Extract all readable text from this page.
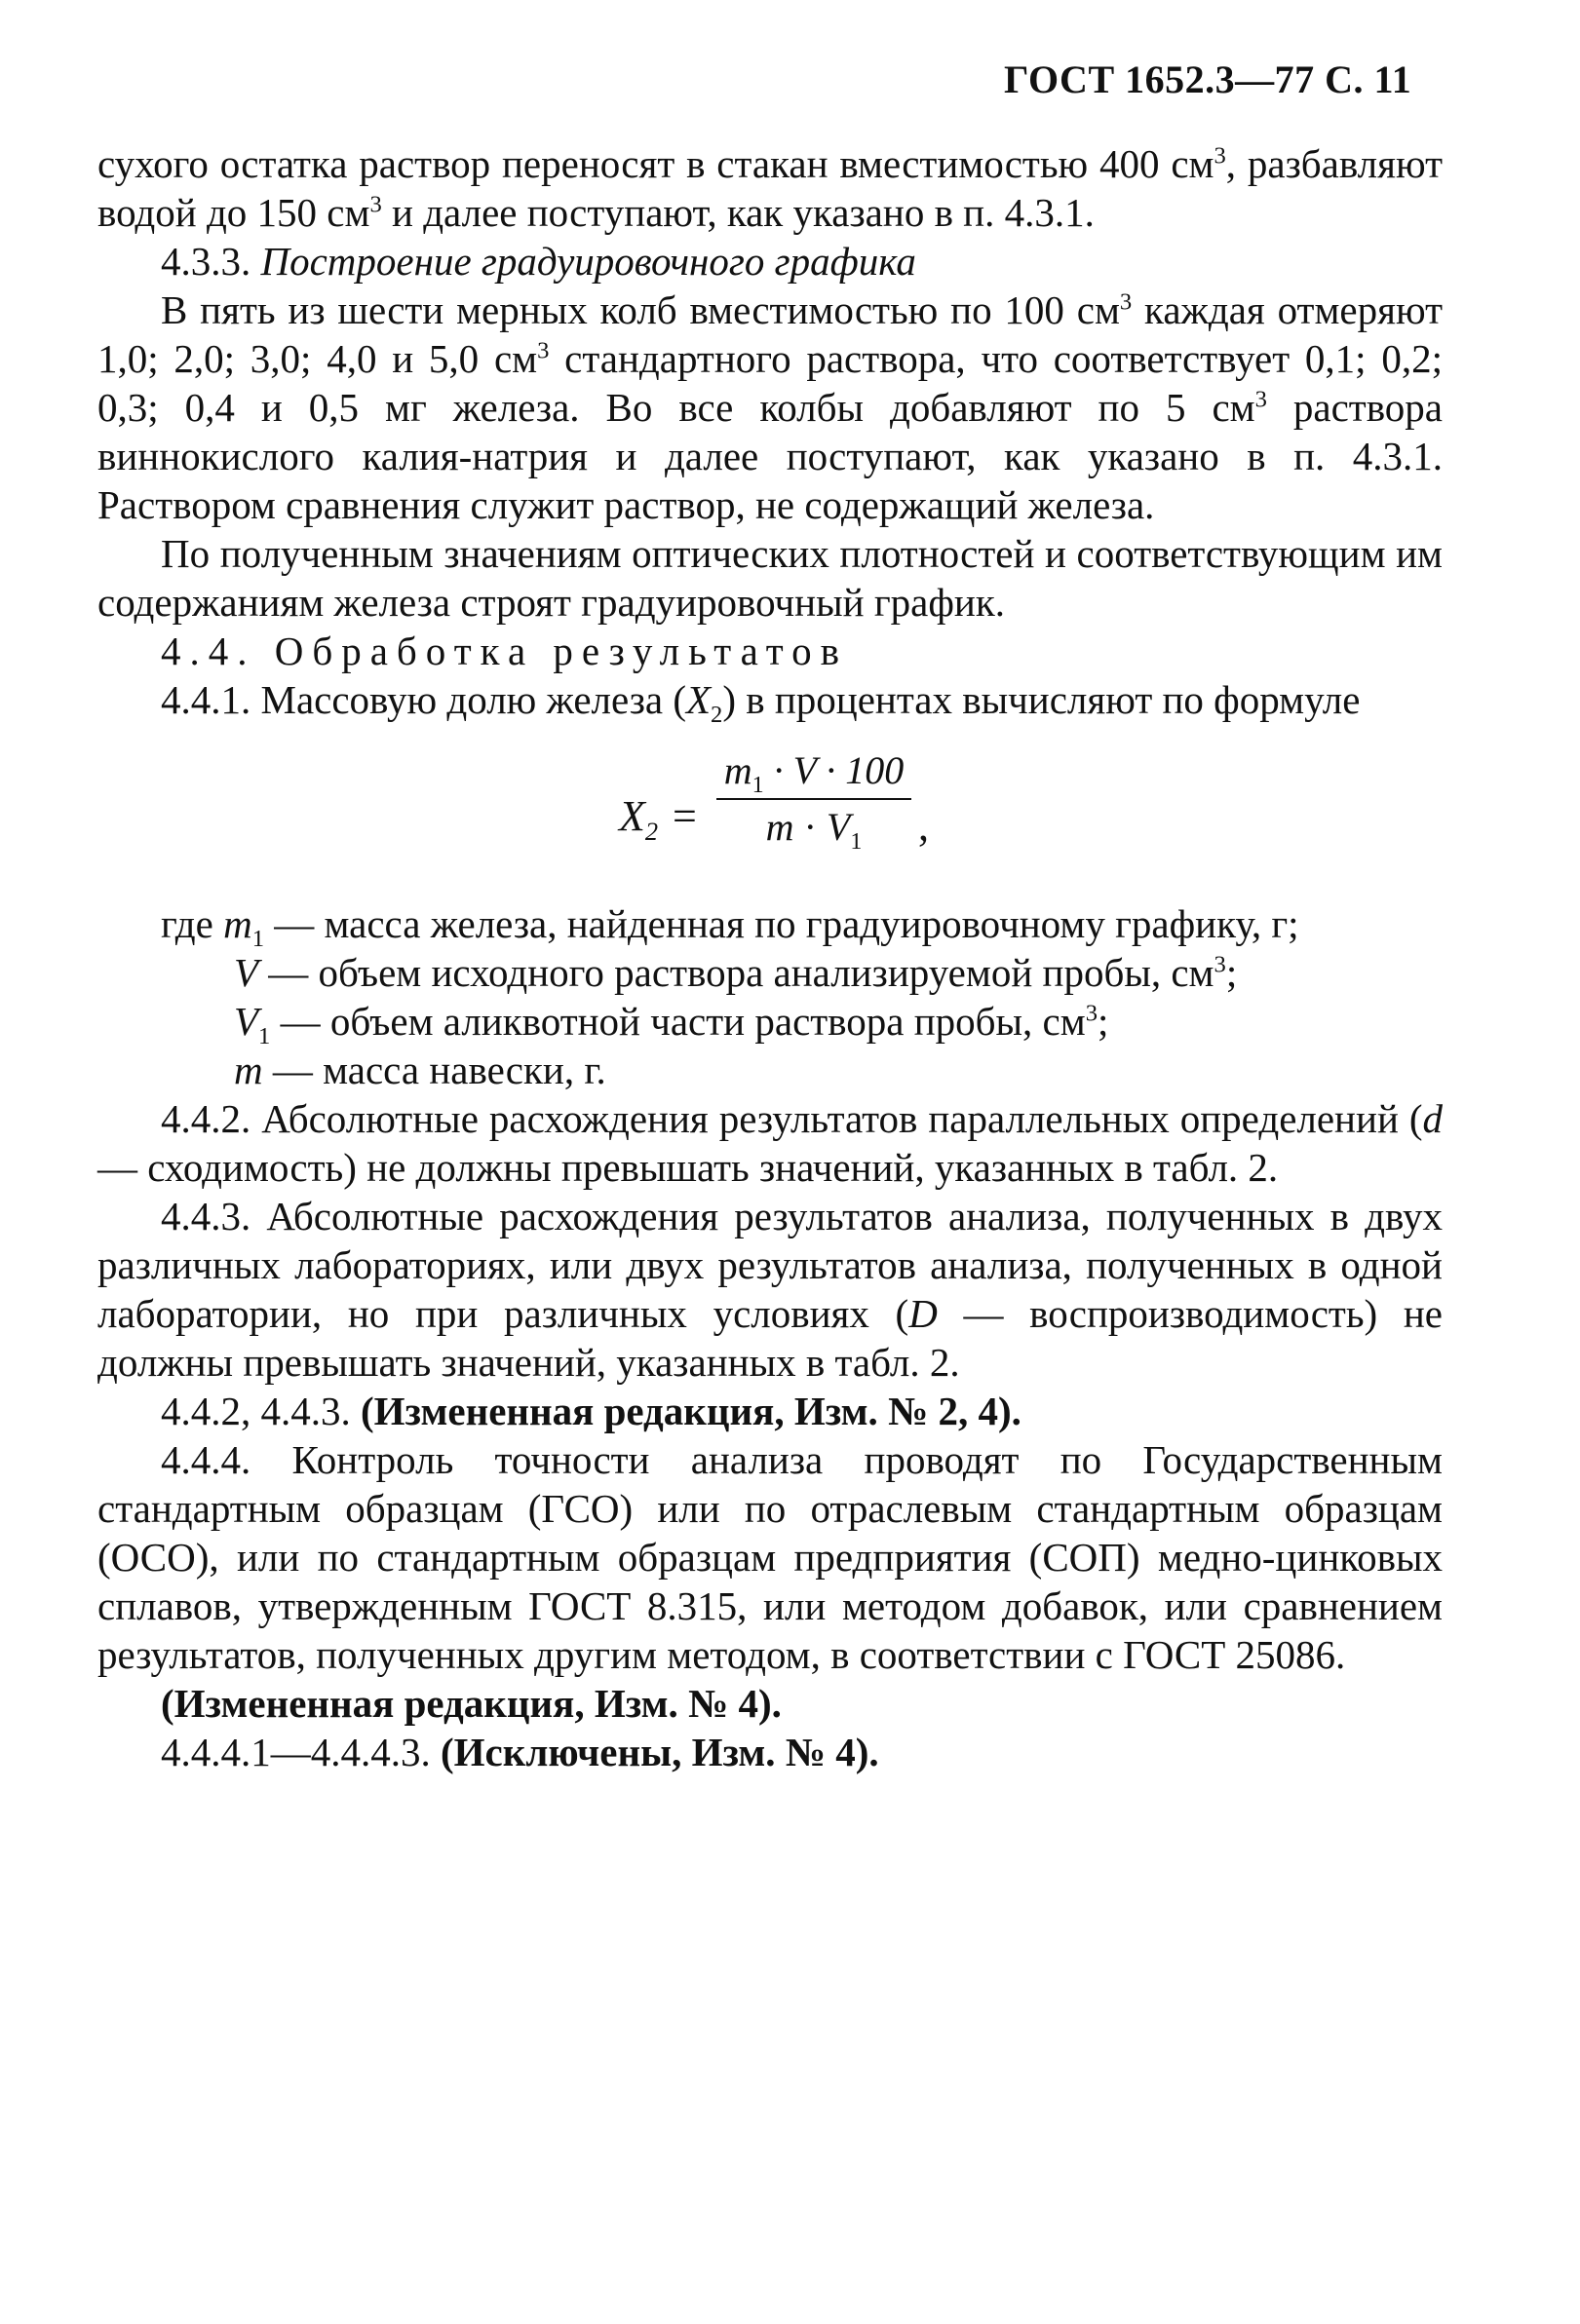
ГОСТ 1652.3—77 С. 11

сухого остатка раствор переносят в стакан вместимостью 400 $см^3$, разбавляют водой до 150 $см^3$ и далее поступают, как указано в п. 4.3.1.

4.3.3. Построение градуировочного графика

В пять из шести мерных колб вместимостью по 100 $см^3$ каждая отмеряют 1,0; 2,0; 3,0; 4,0 и 5,0 $см^3$ стандартного раствора, что соответствует 0,1; 0,2; 0,3; 0,4 и 0,5 мг железа. Во все колбы добавляют по 5 $см^3$ раствора виннокислого калия-натрия и далее поступают, как указано в п. 4.3.1. Раствором сравнения служит раствор, не содержащий железа.

По полученным значениям оптических плотностей и соответствующим им содержаниям железа строят градуировочный график.

4.4. Обработка результатов

4.4.1. Массовую долю железа $(X_2)$ в процентах вычисляют по формуле

$X_2$ =
$m_1 \cdot V \cdot 100$
$m \cdot V_1$	,
где $m_1$ — масса железа, найденная по градуировочному графику, г;
V — объем исходного раствора анализируемой пробы, $см^3$;
$V_1$ — объем аликвотной части раствора пробы, $см^3$;
m — масса навески, г.

4.4.2. Абсолютные расхождения результатов параллельных определений (d — сходимость) не должны превышать значений, указанных в табл. 2.

4.4.3. Абсолютные расхождения результатов анализа, полученных в двух различных лабораториях, или двух результатов анализа, полученных в одной лаборатории, но при различных условиях (D — воспроизводимость) не должны превышать значений, указанных в табл. 2.

4.4.2, 4.4.3. (Измененная редакция, Изм. № 2, 4).

4.4.4. Контроль точности анализа проводят по Государственным стандартным образцам (ГСО) или по отраслевым стандартным образцам (ОСО), или по стандартным образцам предприятия (СОП) медно-цинковых сплавов, утвержденным ГОСТ 8.315, или методом добавок, или сравнением результатов, полученных другим методом, в соответствии с ГОСТ 25086.

(Измененная редакция, Изм. № 4).

4.4.4.1—4.4.4.3. (Исключены, Изм. № 4).
